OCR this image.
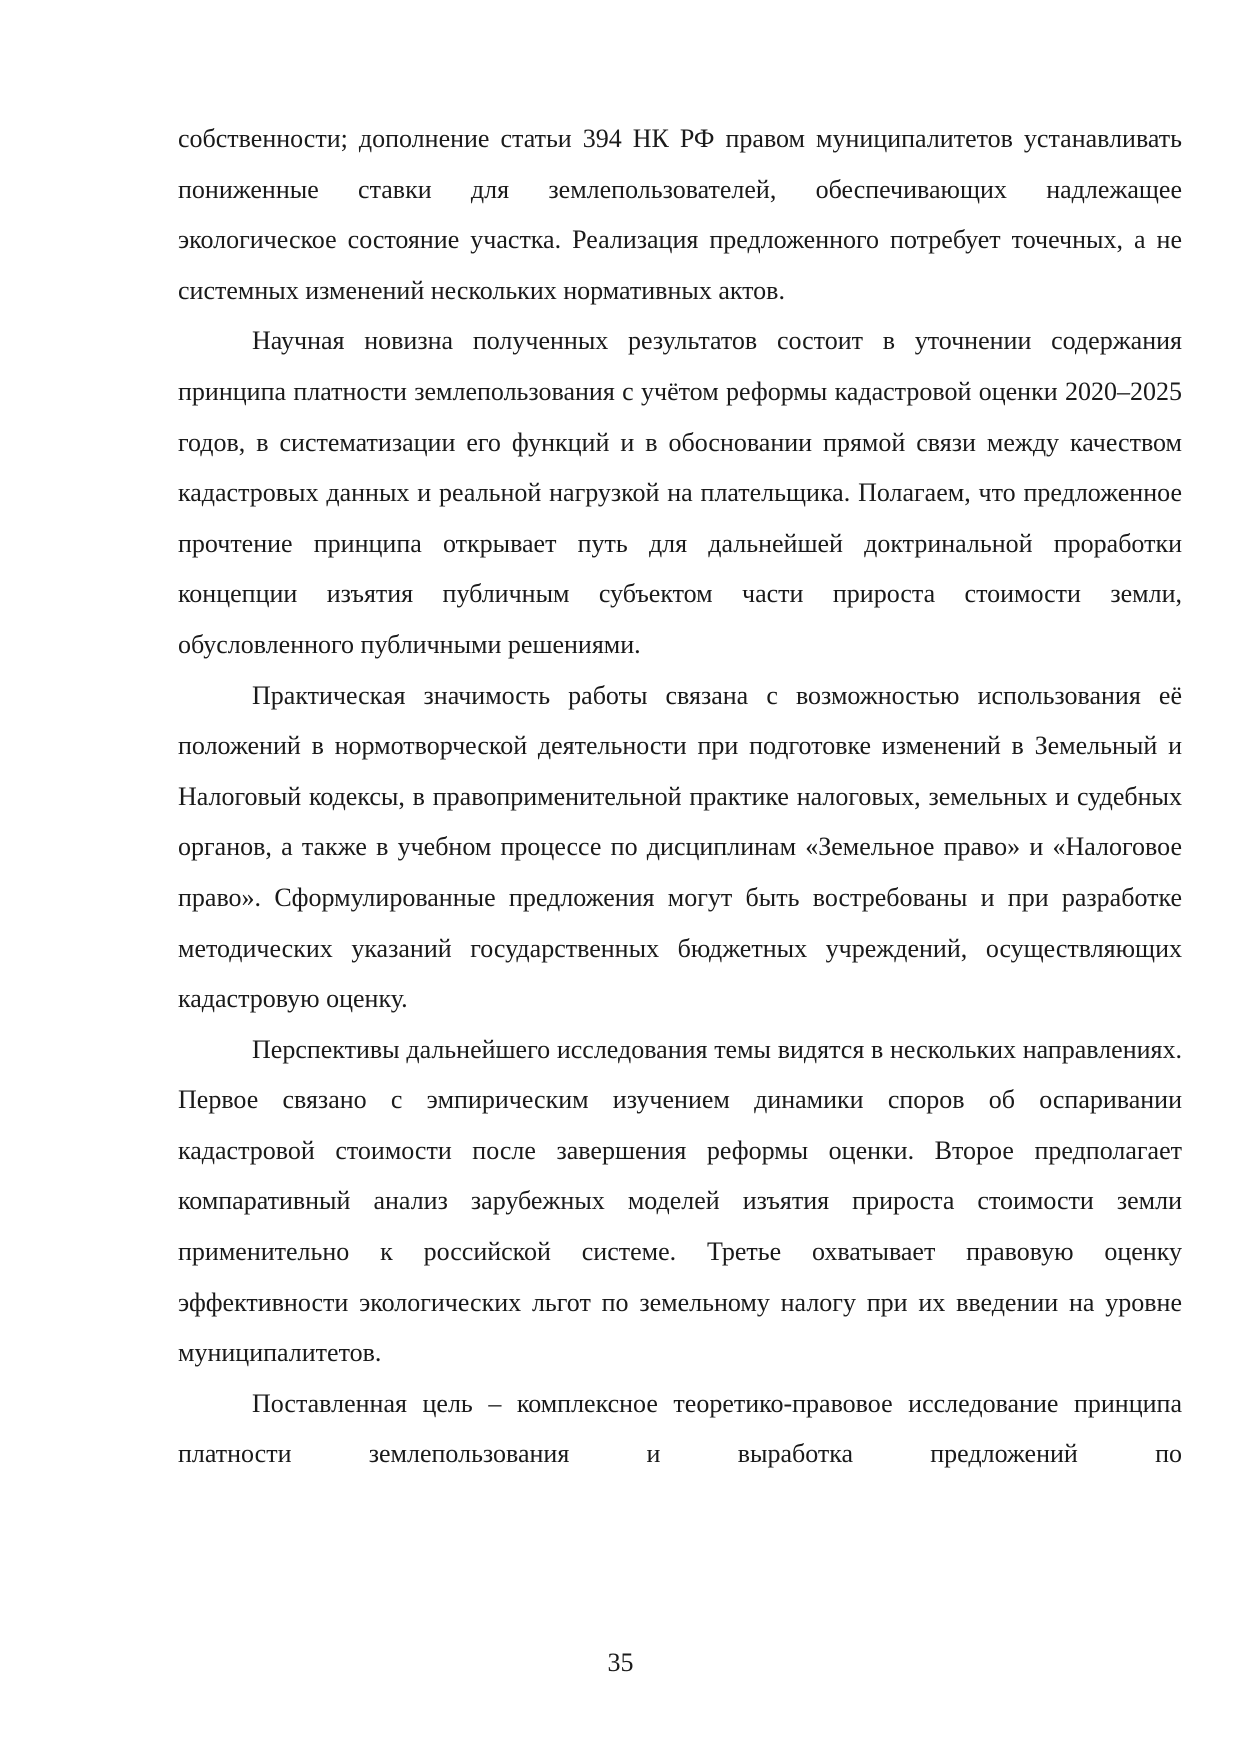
собственности; дополнение статьи 394 НК РФ правом муниципалитетов устанавливать пониженные ставки для землепользователей, обеспечивающих надлежащее экологическое состояние участка. Реализация предложенного потребует точечных, а не системных изменений нескольких нормативных актов.

Научная новизна полученных результатов состоит в уточнении содержания принципа платности землепользования с учётом реформы кадастровой оценки 2020–2025 годов, в систематизации его функций и в обосновании прямой связи между качеством кадастровых данных и реальной нагрузкой на плательщика. Полагаем, что предложенное прочтение принципа открывает путь для дальнейшей доктринальной проработки концепции изъятия публичным субъектом части прироста стоимости земли, обусловленного публичными решениями.

Практическая значимость работы связана с возможностью использования её положений в нормотворческой деятельности при подготовке изменений в Земельный и Налоговый кодексы, в правоприменительной практике налоговых, земельных и судебных органов, а также в учебном процессе по дисциплинам «Земельное право» и «Налоговое право». Сформулированные предложения могут быть востребованы и при разработке методических указаний государственных бюджетных учреждений, осуществляющих кадастровую оценку.

Перспективы дальнейшего исследования темы видятся в нескольких направлениях. Первое связано с эмпирическим изучением динамики споров об оспаривании кадастровой стоимости после завершения реформы оценки. Второе предполагает компаративный анализ зарубежных моделей изъятия прироста стоимости земли применительно к российской системе. Третье охватывает правовую оценку эффективности экологических льгот по земельному налогу при их введении на уровне муниципалитетов.

Поставленная цель – комплексное теоретико-правовое исследование принципа платности землепользования и выработка предложений по

35
